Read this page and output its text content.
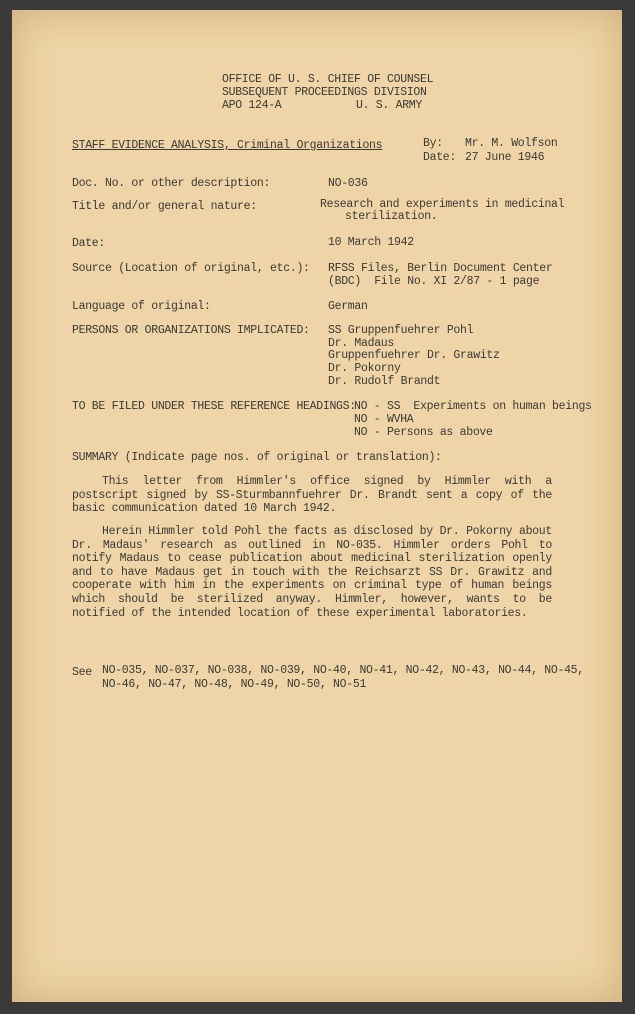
OFFICE OF U. S. CHIEF OF COUNSEL
SUBSEQUENT PROCEEDINGS DIVISION
APO 124-A	U. S. ARMY
STAFF EVIDENCE ANALYSIS, Criminal Organizations	By: Mr. M. Wolfson
Date: 27 June 1946
Doc. No. or other description:	NO-036
Title and/or general nature:	Research and experiments in medicinal
sterilization.
Date:	10 March 1942
Source (Location of original, etc.): RFSS Files, Berlin Document Center
(BDC)  File No. XI 2/87 - 1 page
Language of original:	German
PERSONS OR ORGANIZATIONS IMPLICATED: SS Gruppenfuehrer Pohl
Dr. Madaus
Gruppenfuehrer Dr. Grawitz
Dr. Pokorny
Dr. Rudolf Brandt
TO BE FILED UNDER THESE REFERENCE HEADINGS:
NO - SS  Experiments on human beings
NO - WVHA
NO - Persons as above
SUMMARY (Indicate page nos. of original or translation):
This letter from Himmler's office signed by Himmler with a postscript signed by SS-Sturmbannfuehrer Dr. Brandt sent a copy of the basic communication dated 10 March 1942.
Herein Himmler told Pohl the facts as disclosed by Dr. Pokorny about Dr. Madaus' research as outlined in NO-035. Himmler orders Pohl to notify Madaus to cease publication about medicinal sterilization openly and to have Madaus get in touch with the Reichsarzt SS Dr. Grawitz and cooperate with him in the experiments on criminal type of human beings which should be sterilized anyway. Himmler, however, wants to be notified of the intended location of these experimental laboratories.
See NO-035, NO-037, NO-038, NO-039, NO-40, NO-41, NO-42, NO-43, NO-44, NO-45,
NO-46, NO-47, NO-48, NO-49, NO-50, NO-51
